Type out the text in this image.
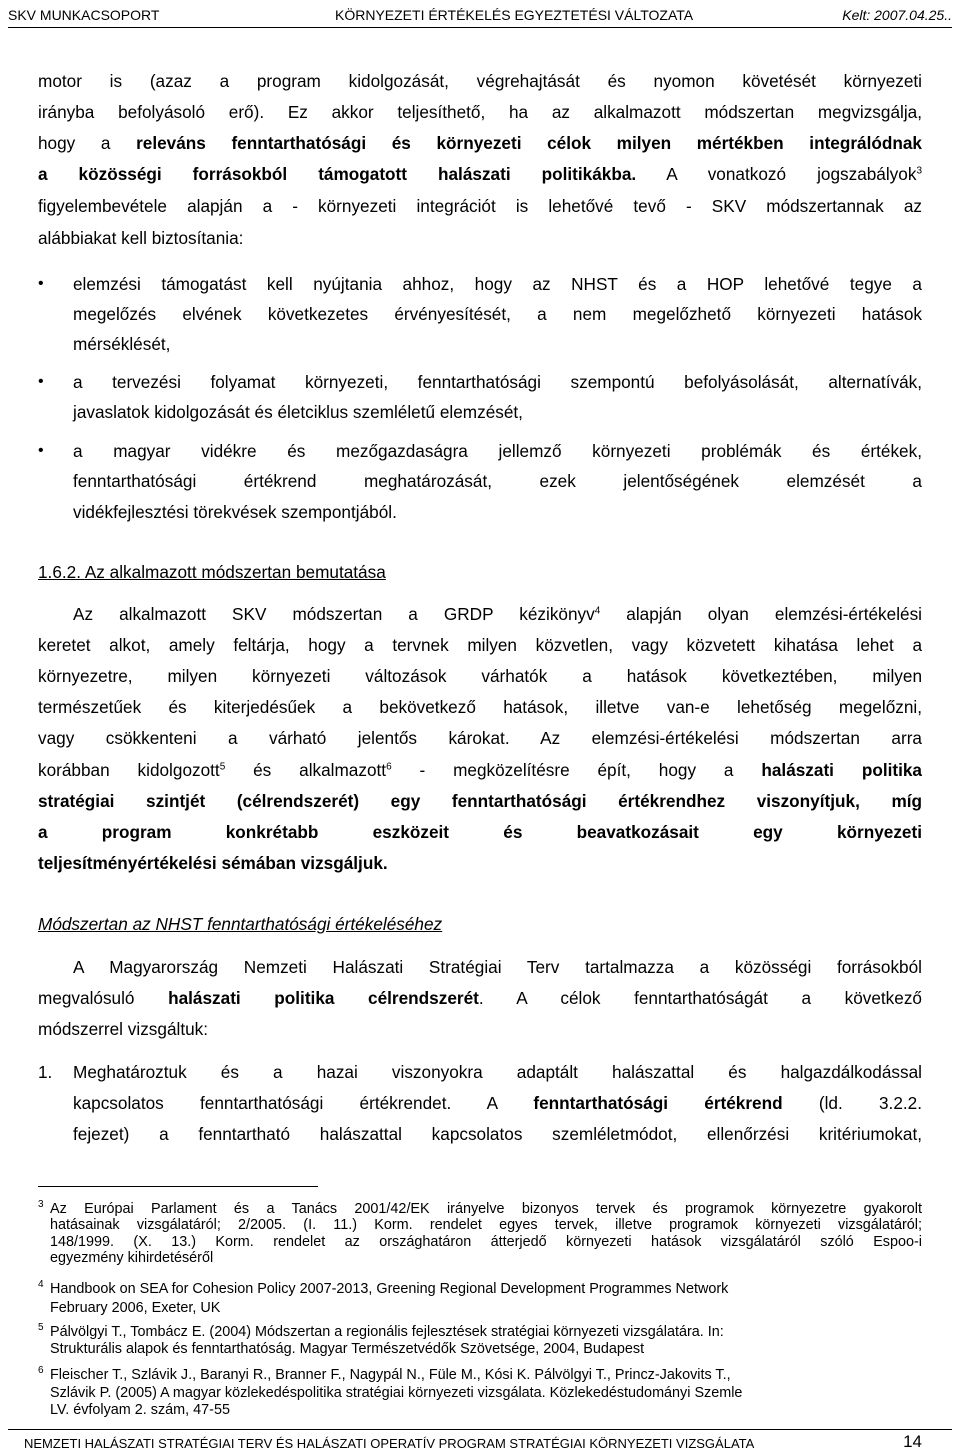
SKV MUNKACSOPORT	KÖRNYEZETI ÉRTÉKELÉS EGYEZTETÉSI VÁLTOZATA	Kelt: 2007.04.25..
motor is (azaz a program kidolgozását, végrehajtását és nyomon követését környezeti
irányba befolyásoló erő). Ez akkor teljesíthető, ha az alkalmazott módszertan megvizsgálja,
hogy a releváns fenntarthatósági és környezeti célok milyen mértékben integrálódnak
a közösségi forrásokból támogatott halászati politikákba. A vonatkozó jogszabályok$^3$
figyelembevétele alapján a - környezeti integrációt is lehetővé tevő - SKV módszertannak az
alábbiakat kell biztosítania:
• elemzési támogatást kell nyújtania ahhoz, hogy az NHST és a HOP lehetővé tegye a
megelőzés elvének következetes érvényesítését, a nem megelőzhető környezeti hatások
mérséklését,
• a tervezési folyamat környezeti, fenntarthatósági szempontú befolyásolását, alternatívák,
javaslatok kidolgozását és életciklus szemléletű elemzését,
• a magyar vidékre és mezőgazdaságra jellemző környezeti problémák és értékek,
fenntarthatósági értékrend meghatározását, ezek jelentőségének elemzését a
vidékfejlesztési törekvések szempontjából.
1.6.2. Az alkalmazott módszertan bemutatása
Az alkalmazott SKV módszertan a GRDP kézikönyv$^4$ alapján olyan elemzési-értékelési
keretet alkot, amely feltárja, hogy a tervnek milyen közvetlen, vagy közvetett kihatása lehet a
környezetre, milyen környezeti változások várhatók a hatások következtében, milyen
természetűek és kiterjedésűek a bekövetkező hatások, illetve van-e lehetőség megelőzni,
vagy csökkenteni a várható jelentős károkat. Az elemzési-értékelési módszertan arra
korábban kidolgozott$^5$ és alkalmazott$^6$ - megközelítésre épít, hogy a halászati politika
stratégiai szintjét (célrendszerét) egy fenntarthatósági értékrendhez viszonyítjuk, míg
a program konkrétabb eszközeit és beavatkozásait egy környezeti
teljesítményértékelési sémában vizsgáljuk.
Módszertan az NHST fenntarthatósági értékeléséhez
A Magyarország Nemzeti Halászati Stratégiai Terv tartalmazza a közösségi forrásokból
megvalósuló halászati politika célrendszerét. A célok fenntarthatóságát a következő
módszerrel vizsgáltuk:
1.	Meghatároztuk és a hazai viszonyokra adaptált halászattal és halgazdálkodással
kapcsolatos fenntarthatósági értékrendet. A fenntarthatósági értékrend (ld. 3.2.2.
fejezet) a fenntartható halászattal kapcsolatos szemléletmódot, ellenőrzési kritériumokat,
3 Az Európai Parlament és a Tanács 2001/42/EK irányelve bizonyos tervek és programok környezetre gyakorolt
hatásainak vizsgálatáról; 2/2005. (I. 11.) Korm. rendelet egyes tervek, illetve programok környezeti vizsgálatáról;
148/1999. (X. 13.) Korm. rendelet az országhatáron átterjedő környezeti hatások vizsgálatáról szóló Espoo-i
egyezmény kihirdetéséről
4 Handbook on SEA for Cohesion Policy 2007-2013, Greening Regional Development Programmes Network
February 2006, Exeter, UK
5 Pálvölgyi T., Tombácz E. (2004) Módszertan a regionális fejlesztések stratégiai környezeti vizsgálatára. In:
Strukturális alapok és fenntarthatóság. Magyar Természetvédők Szövetsége, 2004, Budapest
6 Fleischer T., Szlávik J., Baranyi R., Branner F., Nagypál N., Füle M., Kósi K. Pálvölgyi T., Princz-Jakovits T.,
Szlávik P. (2005) A magyar közlekedéspolitika stratégiai környezeti vizsgálata. Közlekedéstudományi Szemle
LV. évfolyam 2. szám, 47-55
NEMZETI HALÁSZATI STRATÉGIAI TERV ÉS HALÁSZATI OPERATÍV PROGRAM STRATÉGIAI KÖRNYEZETI VIZSGÁLATA	14
